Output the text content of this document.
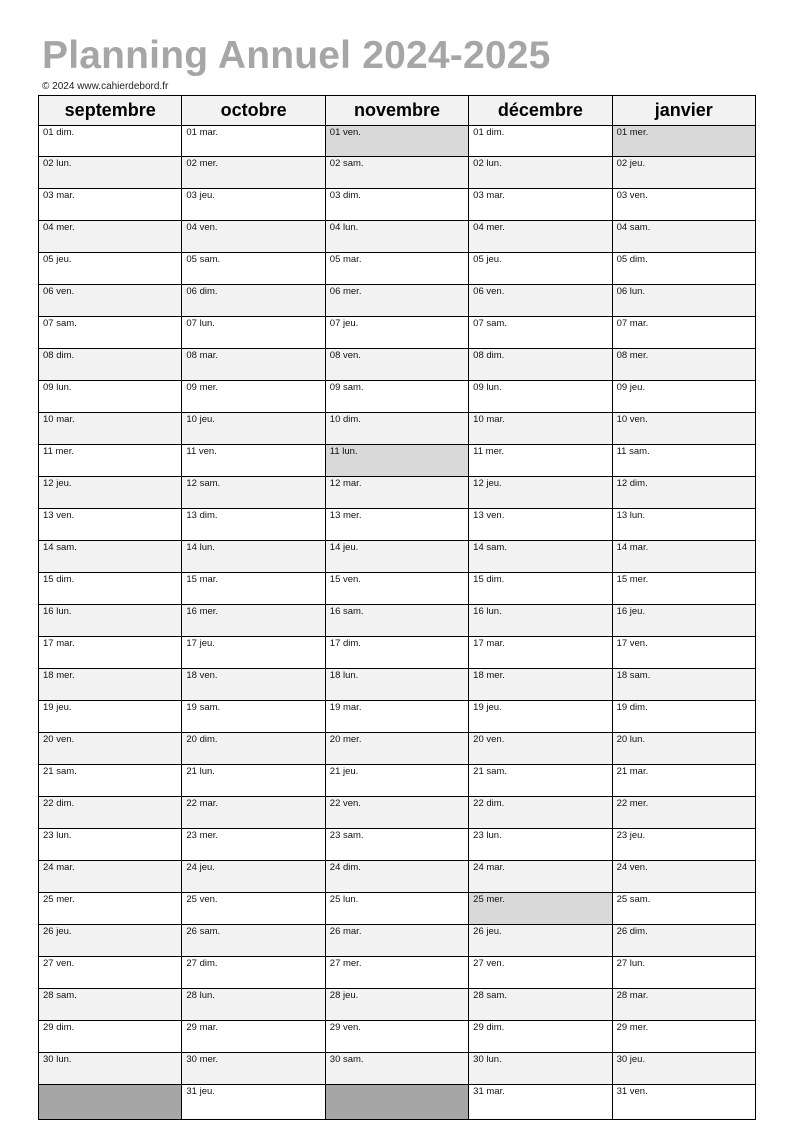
Planning Annuel 2024-2025
© 2024 www.cahierdebord.fr
septembre	octobre	novembre	décembre	janvier
01 dim.	01 mar.	01 ven.	01 dim.	01 mer.
02 lun.	02 mer.	02 sam.	02 lun.	02 jeu.
03 mar.	03 jeu.	03 dim.	03 mar.	03 ven.
04 mer.	04 ven.	04 lun.	04 mer.	04 sam.
05 jeu.	05 sam.	05 mar.	05 jeu.	05 dim.
06 ven.	06 dim.	06 mer.	06 ven.	06 lun.
07 sam.	07 lun.	07 jeu.	07 sam.	07 mar.
08 dim.	08 mar.	08 ven.	08 dim.	08 mer.
09 lun.	09 mer.	09 sam.	09 lun.	09 jeu.
10 mar.	10 jeu.	10 dim.	10 mar.	10 ven.
11 mer.	11 ven.	11 lun.	11 mer.	11 sam.
12 jeu.	12 sam.	12 mar.	12 jeu.	12 dim.
13 ven.	13 dim.	13 mer.	13 ven.	13 lun.
14 sam.	14 lun.	14 jeu.	14 sam.	14 mar.
15 dim.	15 mar.	15 ven.	15 dim.	15 mer.
16 lun.	16 mer.	16 sam.	16 lun.	16 jeu.
17 mar.	17 jeu.	17 dim.	17 mar.	17 ven.
18 mer.	18 ven.	18 lun.	18 mer.	18 sam.
19 jeu.	19 sam.	19 mar.	19 jeu.	19 dim.
20 ven.	20 dim.	20 mer.	20 ven.	20 lun.
21 sam.	21 lun.	21 jeu.	21 sam.	21 mar.
22 dim.	22 mar.	22 ven.	22 dim.	22 mer.
23 lun.	23 mer.	23 sam.	23 lun.	23 jeu.
24 mar.	24 jeu.	24 dim.	24 mar.	24 ven.
25 mer.	25 ven.	25 lun.	25 mer.	25 sam.
26 jeu.	26 sam.	26 mar.	26 jeu.	26 dim.
27 ven.	27 dim.	27 mer.	27 ven.	27 lun.
28 sam.	28 lun.	28 jeu.	28 sam.	28 mar.
29 dim.	29 mar.	29 ven.	29 dim.	29 mer.
30 lun.	30 mer.	30 sam.	30 lun.	30 jeu.
	31 jeu.		31 mar.	31 ven.
